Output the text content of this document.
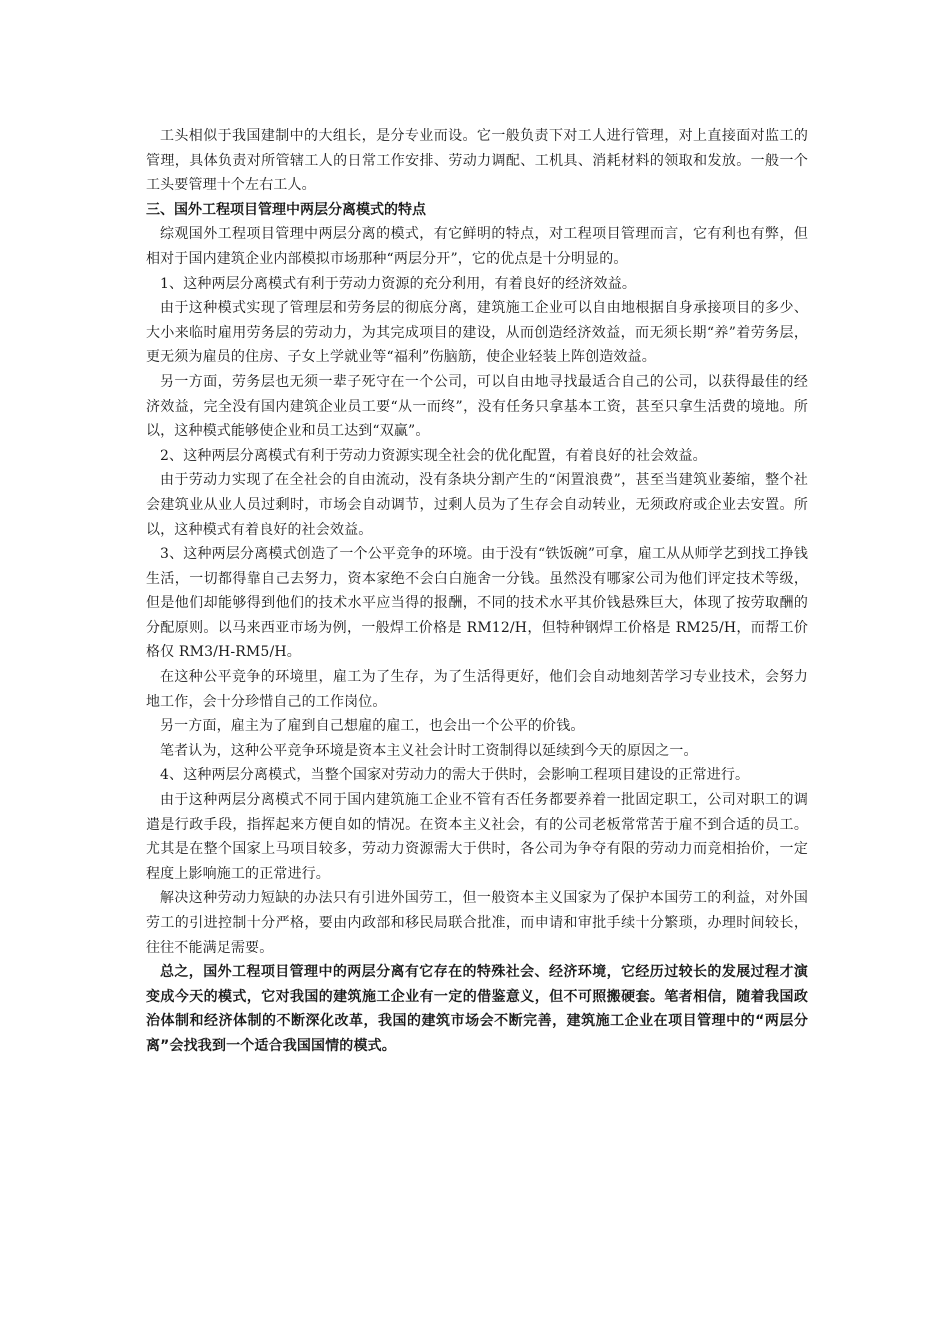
工头相似于我国建制中的大组长，是分专业而设。它一般负责下对工人进行管理，对上直接面对监工的管理，具体负责对所管辖工人的日常工作安排、劳动力调配、工机具、消耗材料的领取和发放。一般一个工头要管理十个左右工人。

三、国外工程项目管理中两层分离模式的特点

综观国外工程项目管理中两层分离的模式，有它鲜明的特点，对工程项目管理而言，它有利也有弊，但相对于国内建筑企业内部模拟市场那种“两层分开”，它的优点是十分明显的。

1、这种两层分离模式有利于劳动力资源的充分利用，有着良好的经济效益。

由于这种模式实现了管理层和劳务层的彻底分离，建筑施工企业可以自由地根据自身承接项目的多少、大小来临时雇用劳务层的劳动力，为其完成项目的建设，从而创造经济效益，而无须长期“养”着劳务层，更无须为雇员的住房、子女上学就业等“福利”伤脑筋，使企业轻装上阵创造效益。

另一方面，劳务层也无须一辈子死守在一个公司，可以自由地寻找最适合自己的公司，以获得最佳的经济效益，完全没有国内建筑企业员工要“从一而终”，没有任务只拿基本工资，甚至只拿生活费的境地。所以，这种模式能够使企业和员工达到“双赢”。

2、这种两层分离模式有利于劳动力资源实现全社会的优化配置，有着良好的社会效益。

由于劳动力实现了在全社会的自由流动，没有条块分割产生的“闲置浪费”，甚至当建筑业萎缩，整个社会建筑业从业人员过剩时，市场会自动调节，过剩人员为了生存会自动转业，无须政府或企业去安置。所以，这种模式有着良好的社会效益。

3、这种两层分离模式创造了一个公平竞争的环境。由于没有“铁饭碗”可拿，雇工从从师学艺到找工挣钱生活，一切都得靠自己去努力，资本家绝不会白白施舍一分钱。虽然没有哪家公司为他们评定技术等级，但是他们却能够得到他们的技术水平应当得的报酬，不同的技术水平其价钱悬殊巨大，体现了按劳取酬的分配原则。以马来西亚市场为例，一般焊工价格是 RM12/H，但特种钢焊工价格是 RM25/H，而帮工价格仅 RM3/H-RM5/H。

在这种公平竞争的环境里，雇工为了生存，为了生活得更好，他们会自动地刻苦学习专业技术，会努力地工作，会十分珍惜自己的工作岗位。

另一方面，雇主为了雇到自己想雇的雇工，也会出一个公平的价钱。

笔者认为，这种公平竞争环境是资本主义社会计时工资制得以延续到今天的原因之一。

4、这种两层分离模式，当整个国家对劳动力的需大于供时，会影响工程项目建设的正常进行。

由于这种两层分离模式不同于国内建筑施工企业不管有否任务都要养着一批固定职工，公司对职工的调遣是行政手段，指挥起来方便自如的情况。在资本主义社会，有的公司老板常常苦于雇不到合适的员工。尤其是在整个国家上马项目较多，劳动力资源需大于供时，各公司为争夺有限的劳动力而竞相抬价，一定程度上影响施工的正常进行。

解决这种劳动力短缺的办法只有引进外国劳工，但一般资本主义国家为了保护本国劳工的利益，对外国劳工的引进控制十分严格，要由内政部和移民局联合批准，而申请和审批手续十分繁琐，办理时间较长，往往不能满足需要。

总之，国外工程项目管理中的两层分离有它存在的特殊社会、经济环境，它经历过较长的发展过程才演变成今天的模式，它对我国的建筑施工企业有一定的借鉴意义，但不可照搬硬套。笔者相信，随着我国政治体制和经济体制的不断深化改革，我国的建筑市场会不断完善，建筑施工企业在项目管理中的“两层分离”会找我到一个适合我国国情的模式。
